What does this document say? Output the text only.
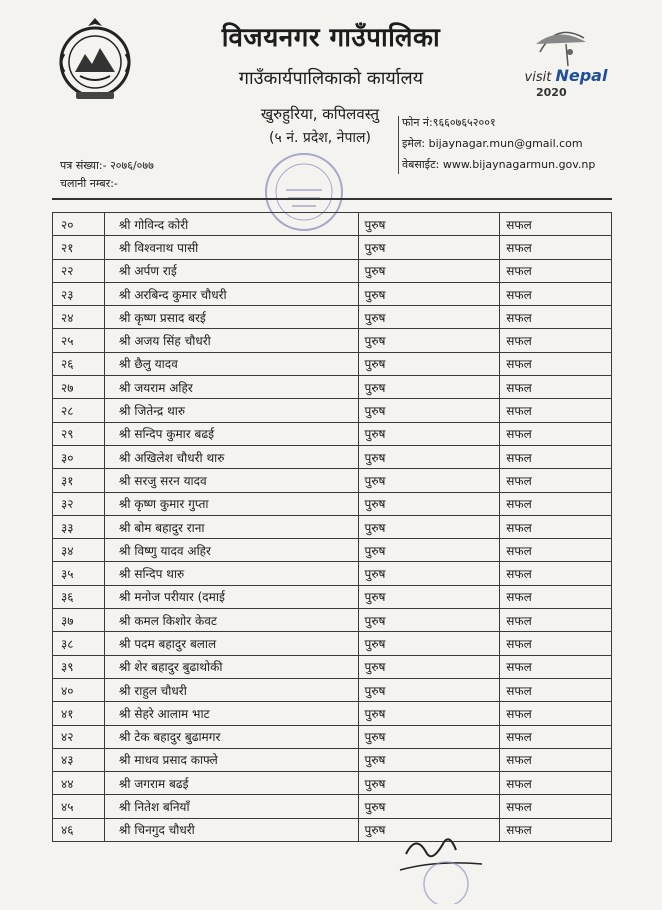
visit Nepal
2020
विजयनगर गाउँपालिका
गाउँकार्यपालिकाको कार्यालय
खुरुहुरिया, कपिलवस्तु
(५ नं. प्रदेश, नेपाल)
फोन नं:९६६०७६५२००१
इमेल: bijaynagar.mun@gmail.com
वेबसाईट: www.bijaynagarmun.gov.np
पत्र संख्या:- २०७६/०७७
चलानी नम्बर:-
२०	श्री गोविन्द कोरी	पुरुष	सफल
२१	श्री विश्वनाथ पासी	पुरुष	सफल
२२	श्री अर्पण राई	पुरुष	सफल
२३	श्री अरबिन्द कुमार चौधरी	पुरुष	सफल
२४	श्री कृष्ण प्रसाद बरई	पुरुष	सफल
२५	श्री अजय सिंह चौधरी	पुरुष	सफल
२६	श्री छैलु यादव	पुरुष	सफल
२७	श्री जयराम अहिर	पुरुष	सफल
२८	श्री जितेन्द्र थारु	पुरुष	सफल
२९	श्री सन्दिप कुमार बढई	पुरुष	सफल
३०	श्री अखिलेश चौधरी थारु	पुरुष	सफल
३१	श्री सरजु सरन यादव	पुरुष	सफल
३२	श्री कृष्ण कुमार गुप्ता	पुरुष	सफल
३३	श्री बोम बहादुर राना	पुरुष	सफल
३४	श्री विष्णु यादव अहिर	पुरुष	सफल
३५	श्री सन्दिप थारु	पुरुष	सफल
३६	श्री मनोज परीयार (दमाई	पुरुष	सफल
३७	श्री कमल किशोर केवट	पुरुष	सफल
३८	श्री पदम बहादुर बलाल	पुरुष	सफल
३९	श्री शेर बहादुर बुढाथोकी	पुरुष	सफल
४०	श्री राहुल चौधरी	पुरुष	सफल
४१	श्री सेहरे आलाम भाट	पुरुष	सफल
४२	श्री टेक बहादुर बुढामगर	पुरुष	सफल
४३	श्री माधव प्रसाद काफ्ले	पुरुष	सफल
४४	श्री जगराम बढई	पुरुष	सफल
४५	श्री नितेश बनियाँ	पुरुष	सफल
४६	श्री चिनगुद चौधरी	पुरुष	सफल
